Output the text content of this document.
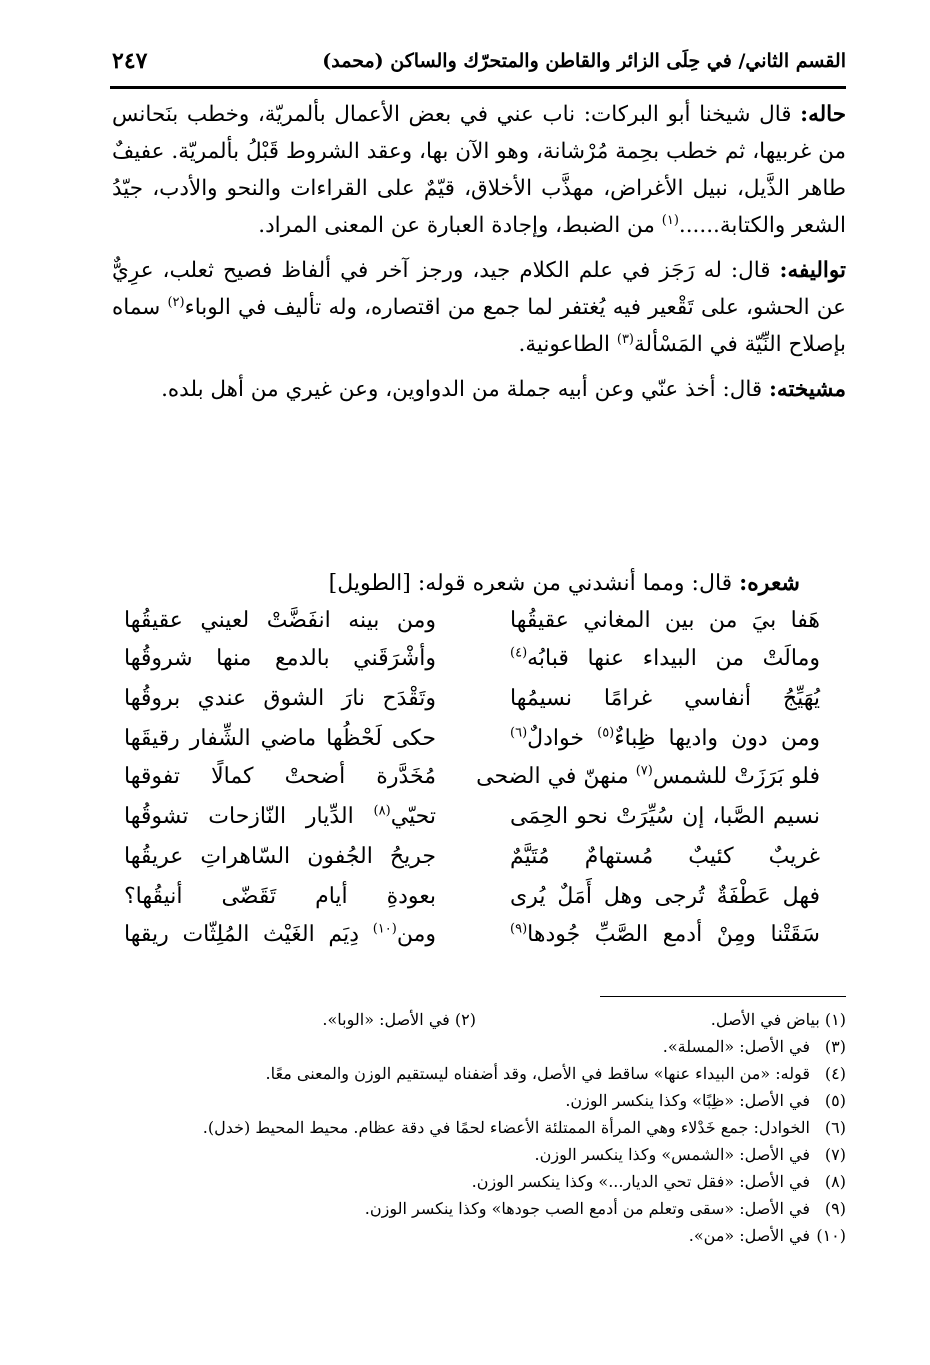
القسم الثاني/ في حِلَى الزائر والقاطن والمتحرّك والساكن (محمد)
٢٤٧

حاله: قال شيخنا أبو البركات: ناب عني في بعض الأعمال بألمريّة، وخطب بنَحانس من غربيها، ثم خطب بحِمة مُرْشانة، وهو الآن بها، وعقد الشروط قَبْلُ بألمريّة. عفيفٌ طاهر الذَّيل، نبيل الأغراض، مهذَّب الأخلاق، قيّمٌ على القراءات والنحو والأدب، جيّدُ الشعر والكتابة......$^{(١)}$ من الضبط، وإجادة العبارة عن المعنى المراد.

تواليفه: قال: له رَجَز في علم الكلام جيد، ورجز آخر في ألفاظ فصيح ثعلب، عرِيٌّ عن الحشو، على تَقْعير فيه يُغتفر لما جمع من اقتصاره، وله تأليف في الوباء$^{(٢)}$ سماه بإصلاح النِّيّة في المَسْألة$^{(٣)}$ الطاعونية.

مشيخته: قال: أخذ عنّي وعن أبيه جملة من الدواوين، وعن غيري من أهل بلده.

شعره: قال: ومما أنشدني من شعره قوله: [الطويل]
هَفا بيَ من بين المغاني عقيقُها
ومن بينه انفَضَّتْ لعيني عقيقُها
ومالَتْ من البيداء عنها قبابُه$^{(٤)}$
وأشْرَقَني بالدمع منها شروقُها
يُهَيِّجُ أنفاسي غرامًا نسيمُها
وتَقْدَح نارَ الشوق عندي بروقُها
ومن دون واديها ظِباءٌ$^{(٥)}$ خوادلٌ$^{(٦)}$
حكى لَحْظُها ماضي الشِّفار رقيقَها
فلو بَرَزَتْ للشمس$^{(٧)}$ منهنّ في الضحى
مُخَدَّرة أضحتْ كمالًا تفوقها
نسيم الصَّبا، إن سُيِّرَتْ نحو الحِمَى
تحيّي$^{(٨)}$ الدِّيار النّازحات تشوقُها
غريبٌ كئيبٌ مُستهامٌ مُتَيَّمٌ
جريحُ الجُفون السّاهراتِ عريقُها
فهل عَطْفَةٌ تُرجى وهل أَمَلٌ يُرى
بعودةِ أيام تَقَضّى أنيقُها؟
سَقَتْنا ومِنْ أدمع الصَّبِّ جُودها$^{(٩)}$
ومن$^{(١٠)}$ دِيَم الغَيْث المُلِثّات ريقها
(١) بياض في الأصل.
(٢) في الأصل: «الوبا».
(٣)
في الأصل: «المسلة».
(٤)
قوله: «من البيداء عنها» ساقط في الأصل، وقد أضفناه ليستقيم الوزن والمعنى معًا.
(٥)
في الأصل: «ظِبًا» وكذا ينكسر الوزن.
(٦)
الخوادل: جمع خَدْلاء وهي المرأة الممتلئة الأعضاء لحمًا في دقة عظام. محيط المحيط (خدل).
(٧)
في الأصل: «الشمس» وكذا ينكسر الوزن.
(٨)
في الأصل: «فقل تحي الديار...» وكذا ينكسر الوزن.
(٩)
في الأصل: «سقى وتعلم من أدمع الصب جودها» وكذا ينكسر الوزن.
(١٠)
في الأصل: «من».
